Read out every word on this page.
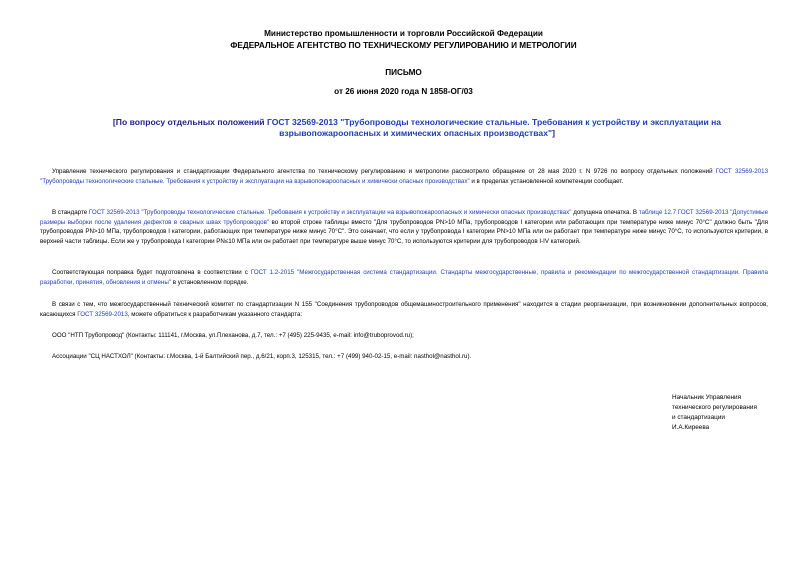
Министерство промышленности и торговли Российской Федерации
ФЕДЕРАЛЬНОЕ АГЕНТСТВО ПО ТЕХНИЧЕСКОМУ РЕГУЛИРОВАНИЮ И МЕТРОЛОГИИ
ПИСЬМО
от 26 июня 2020 года N 1858-ОГ/03
[По вопросу отдельных положений ГОСТ 32569-2013 "Трубопроводы технологические стальные. Требования к устройству и эксплуатации на взрывопожароопасных и химических опасных производствах"]
Управление технического регулирования и стандартизации Федерального агентства по техническому регулированию и метрологии рассмотрело обращение от 28 мая 2020 г. N 9726 по вопросу отдельных положений ГОСТ 32569-2013 "Трубопроводы технологические стальные. Требования к устройству и эксплуатации на взрывопожароопасных и химически опасных производствах" и в пределах установленной компетенции сообщает.
В стандарте ГОСТ 32569-2013 "Трубопроводы технологические стальные. Требования к устройству и эксплуатации на взрывопожароопасных и химически опасных производствах" допущена опечатка. В таблице 12.7 ГОСТ 32569-2013 "Допустимые размеры выборки после удаления дефектов в сварных швах трубопроводов" во второй строке таблицы вместо "Для трубопроводов PN>10 МПа, трубопроводов I категории или работающих при температуре ниже минус 70°С" должно быть "Для трубопроводов PN>10 МПа, трубопроводов I категории, работающих при температуре ниже минус 70°С". Это означает, что если у трубопровода I категории PN>10 МПа или он работает при температуре ниже минус 70°С, то используются критерии, в верхней части таблицы. Если же у трубопровода I категории PN≤10 МПа или он работает при температуре выше минус 70°С, то используются критерии для трубопроводов I-IV категорий.
Соответствующая поправка будет подготовлена в соответствии с ГОСТ 1.2-2015 "Межгосударственная система стандартизации. Стандарты межгосударственные, правила и рекомендации по межгосударственной стандартизации. Правила разработки, принятия, обновления и отмены" в установленном порядке.
В связи с тем, что межгосударственный технический комитет по стандартизации N 155 "Соединения трубопроводов общемашиностроительного применения" находится в стадии реорганизации, при возникновении дополнительных вопросов, касающихся ГОСТ 32569-2013, можете обратиться к разработчикам указанного стандарта:
ООО "НТП Трубопровод" (Контакты: 111141, г.Москва, ул.Плеханова, д.7, тел.: +7 (495) 225-9435, e-mail: info@truboprovod.ru);
Ассоциации "СЦ НАСТХОЛ" (Контакты: г.Москва, 1-й Балтийский пер., д.6/21, корп.3, 125315, тел.: +7 (499) 940-02-15, e-mail: nasthol@nasthol.ru).
Начальник Управления
технического регулирования
и стандартизации
И.А.Киреева
